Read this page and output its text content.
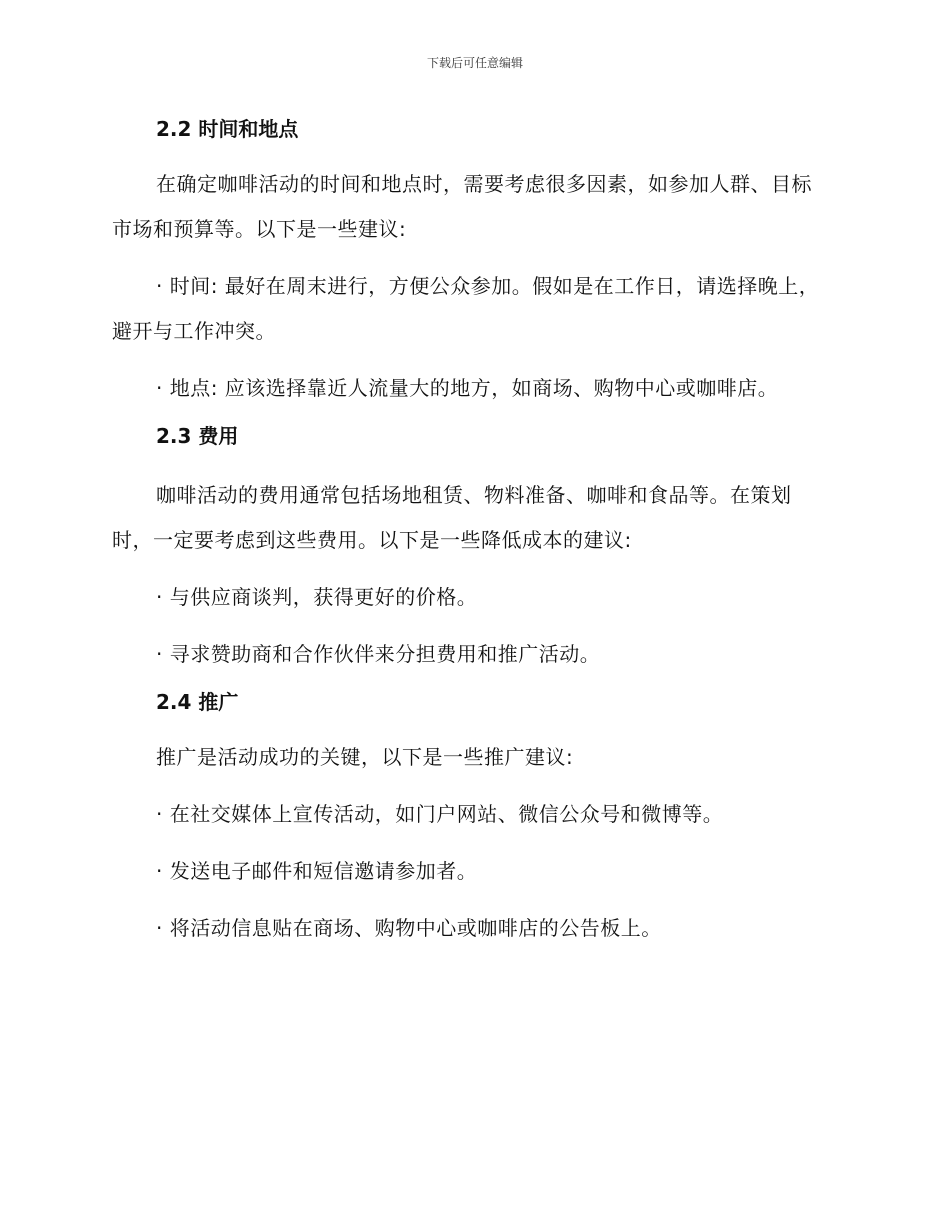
下载后可任意编辑
2.2 时间和地点

在确定咖啡活动的时间和地点时，需要考虑很多因素，如参加人群、目标市场和预算等。以下是一些建议:

· 时间: 最好在周末进行，方便公众参加。假如是在工作日，请选择晚上，避开与工作冲突。

· 地点: 应该选择靠近人流量大的地方，如商场、购物中心或咖啡店。

2.3 费用

咖啡活动的费用通常包括场地租赁、物料准备、咖啡和食品等。在策划时，一定要考虑到这些费用。以下是一些降低成本的建议:

· 与供应商谈判，获得更好的价格。

· 寻求赞助商和合作伙伴来分担费用和推广活动。

2.4 推广

推广是活动成功的关键，以下是一些推广建议:

· 在社交媒体上宣传活动，如门户网站、微信公众号和微博等。

· 发送电子邮件和短信邀请参加者。

· 将活动信息贴在商场、购物中心或咖啡店的公告板上。
